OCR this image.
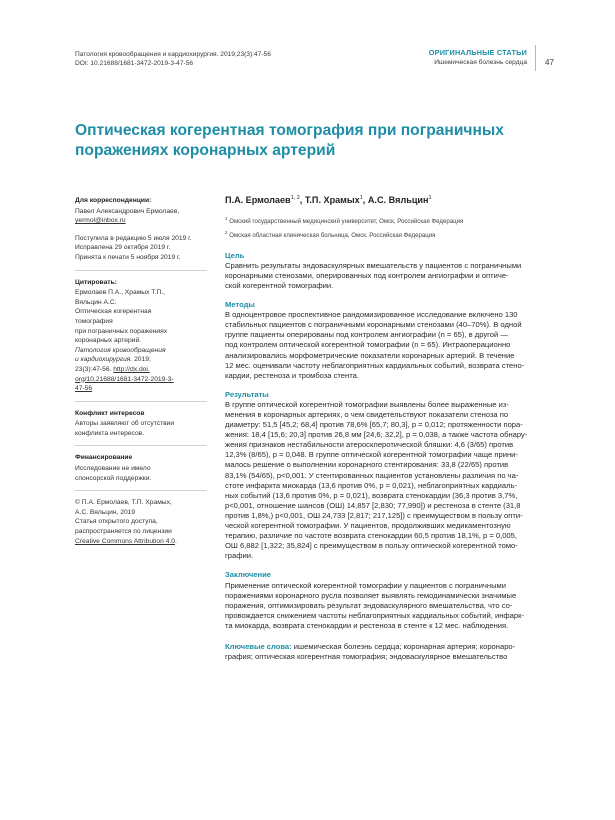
Патология кровообращения и кардиохирургия. 2019;23(3):47-56
DOI: 10.21688/1681-3472-2019-3-47-56
ОРИГИНАЛЬНЫЕ СТАТЬИ
Ишемическая болезнь сердца 47
Оптическая когерентная томография при пограничных поражениях коронарных артерий
Для корреспонденции:
Павел Александрович Ермолаев,
yermol@inbox.ru
Поступила в редакцию 5 июля 2019 г.
Исправлена 29 октября 2019 г.
Принята к печати 5 ноября 2019 г.
Цитировать:
Ермолаев П.А., Храмых Т.П.,
Вяльцин А.С.
Оптическая когерентная
томография
при пограничных поражениях
коронарных артерий.
Патология кровообращения
и кардиохирургия. 2019;
23(3):47-56. http://dx.doi.
org/10.21688/1681-3472-2019-3-
47-56
Конфликт интересов
Авторы заявляют об отсутствии
конфликта интересов.
Финансирование
Исследование не имело
спонсорской поддержки.
© П.А. Ермолаев, Т.П. Храмых,
А.С. Вяльцин, 2019
Статья открытого доступа,
распространяется по лицензии
Creative Commons Attribution 4.0.
П.А. Ермолаев$^{1, 2}$, Т.П. Храмых$^1$, А.С. Вяльцин$^1$
$^1$ Омский государственный медицинский университет, Омск, Российская Федерация
$^2$ Омская областная клиническая больница, Омск, Российская Федерация
Цель
Сравнить результаты эндоваскулярных вмешательств у пациентов с пограничными
коронарными стенозами, оперированных под контролем ангиографии и оптиче-
ской когерентной томографии.
Методы
В одноцентровое проспективное рандомизированное исследование включено 130
стабильных пациентов с пограничными коронарными стенозами (40–70%). В одной
группе пациенты оперированы под контролем ангиографии (n = 65), в другой —
под контролем оптической когерентной томографии (n = 65). Интраоперационно
анализировались морфометрические показатели коронарных артерий. В течение
12 мес. оценивали частоту неблагоприятных кардиальных событий, возврата стено-
кардии, рестеноза и тромбоза стента.
Результаты
В группе оптической когерентной томографии выявлены более выраженные из-
менения в коронарных артериях, о чем свидетельствуют показатели стеноза по
диаметру: 51,5 [45,2; 68,4] против 78,6% [65,7; 80,3], p = 0,012; протяженности пора-
жения: 18,4 [15,6; 20,3] против 26,8 мм [24,6; 32,2], p = 0,038, а также частота обнару-
жения признаков нестабильности атеросклеротической бляшки: 4,6 (3/65) против
12,3% (8/65), p = 0,048. В группе оптической когерентной томографии чаще прини-
малось решение о выполнении коронарного стентирования: 33,8 (22/65) против
83,1% (54/65), p<0,001. У стентированных пациентов установлены различия по ча-
стоте инфаркта миокарда (13,6 против 0%, p = 0,021), неблагоприятных кардиаль-
ных событий (13,6 против 0%, p = 0,021), возврата стенокардии (36,3 против 3,7%,
p<0,001, отношение шансов (ОШ) 14,857 [2,830; 77,990]) и рестеноза в стенте (31,8
против 1,8%,) p<0,001, ОШ 24,733 [2,817; 217,125]) с преимуществом в пользу опти-
ческой когерентной томографии. У пациентов, продолживших медикаментозную
терапию, различие по частоте возврата стенокардии 60,5 против 18,1%, p = 0,005,
ОШ 6,882 [1,322; 35,824] с преимуществом в пользу оптической когерентной томо-
графии.
Заключение
Применение оптической когерентной томографии у пациентов с пограничными
поражениями коронарного русла позволяет выявлять гемодинамически значимые
поражения, оптимизировать результат эндоваскулярного вмешательства, что со-
провождается снижением частоты неблагоприятных кардиальных событий, инфарк-
та миокарда, возврата стенокардии и рестеноза в стенте к 12 мес. наблюдения.
Ключевые слова: ишемическая болезнь сердца; коронарная артерия; коронаро-
графия; оптическая когерентная томография; эндоваскулярное вмешательство
